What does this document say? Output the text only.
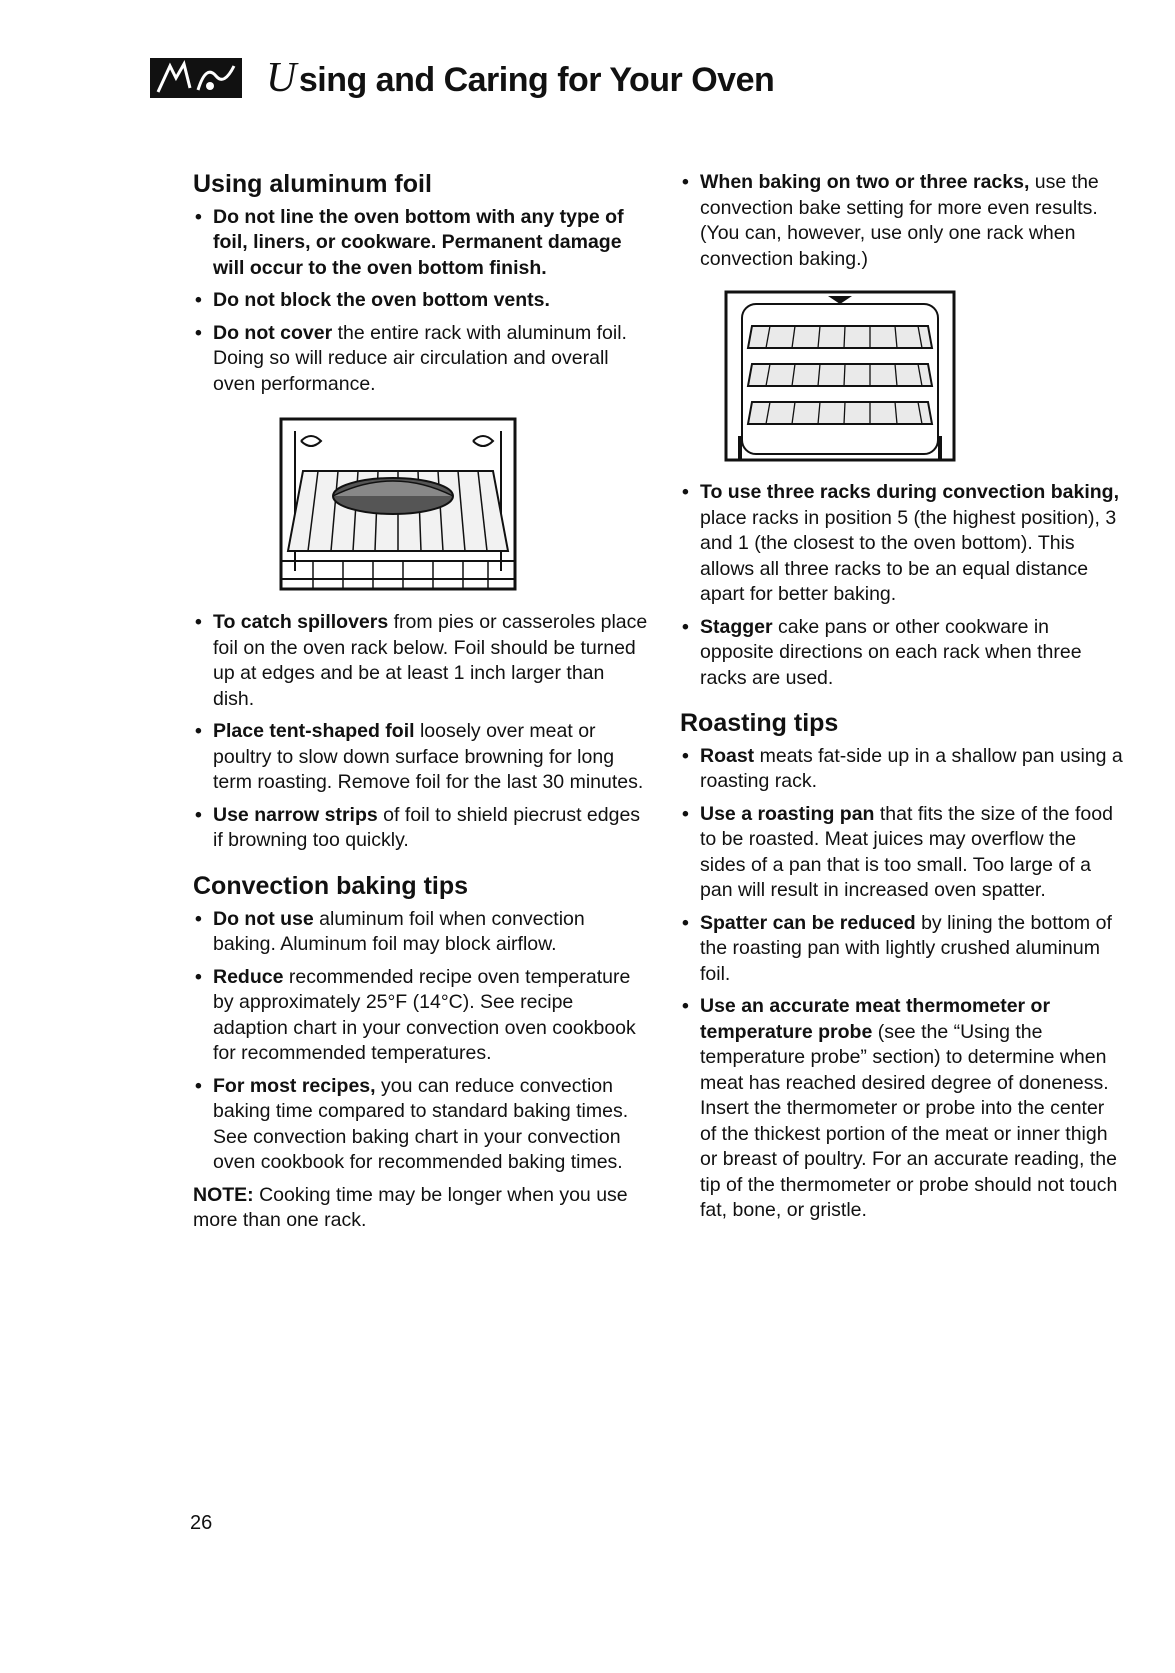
Using and Caring for Your Oven
Using aluminum foil
• Do not line the oven bottom with any type of foil, liners, or cookware. Permanent damage will occur to the oven bottom finish.
• Do not block the oven bottom vents.
• Do not cover the entire rack with aluminum foil. Doing so will reduce air circulation and overall oven performance.
• To catch spillovers from pies or casseroles place foil on the oven rack below. Foil should be turned up at edges and be at least 1 inch larger than dish.
• Place tent-shaped foil loosely over meat or poultry to slow down surface browning for long term roasting. Remove foil for the last 30 minutes.
• Use narrow strips of foil to shield piecrust edges if browning too quickly.
Convection baking tips
• Do not use aluminum foil when convection baking. Aluminum foil may block airflow.
• Reduce recommended recipe oven temperature by approximately 25°F (14°C). See recipe adaption chart in your convection oven cookbook for recommended temperatures.
• For most recipes, you can reduce convection baking time compared to standard baking times. See convection baking chart in your convection oven cookbook for recommended baking times.

NOTE: Cooking time may be longer when you use more than one rack.

• When baking on two or three racks, use the convection bake setting for more even results. (You can, however, use only one rack when convection baking.)
• To use three racks during convection baking, place racks in position 5 (the highest position), 3 and 1 (the closest to the oven bottom). This allows all three racks to be an equal distance apart for better baking.
• Stagger cake pans or other cookware in opposite directions on each rack when three racks are used.
Roasting tips
• Roast meats fat-side up in a shallow pan using a roasting rack.
• Use a roasting pan that fits the size of the food to be roasted. Meat juices may overflow the sides of a pan that is too small. Too large of a pan will result in increased oven spatter.
• Spatter can be reduced by lining the bottom of the roasting pan with lightly crushed aluminum foil.
• Use an accurate meat thermometer or temperature probe (see the “Using the temperature probe” section) to determine when meat has reached desired degree of doneness. Insert the thermometer or probe into the center of the thickest portion of the meat or inner thigh or breast of poultry. For an accurate reading, the tip of the thermometer or probe should not touch fat, bone, or gristle.
26
